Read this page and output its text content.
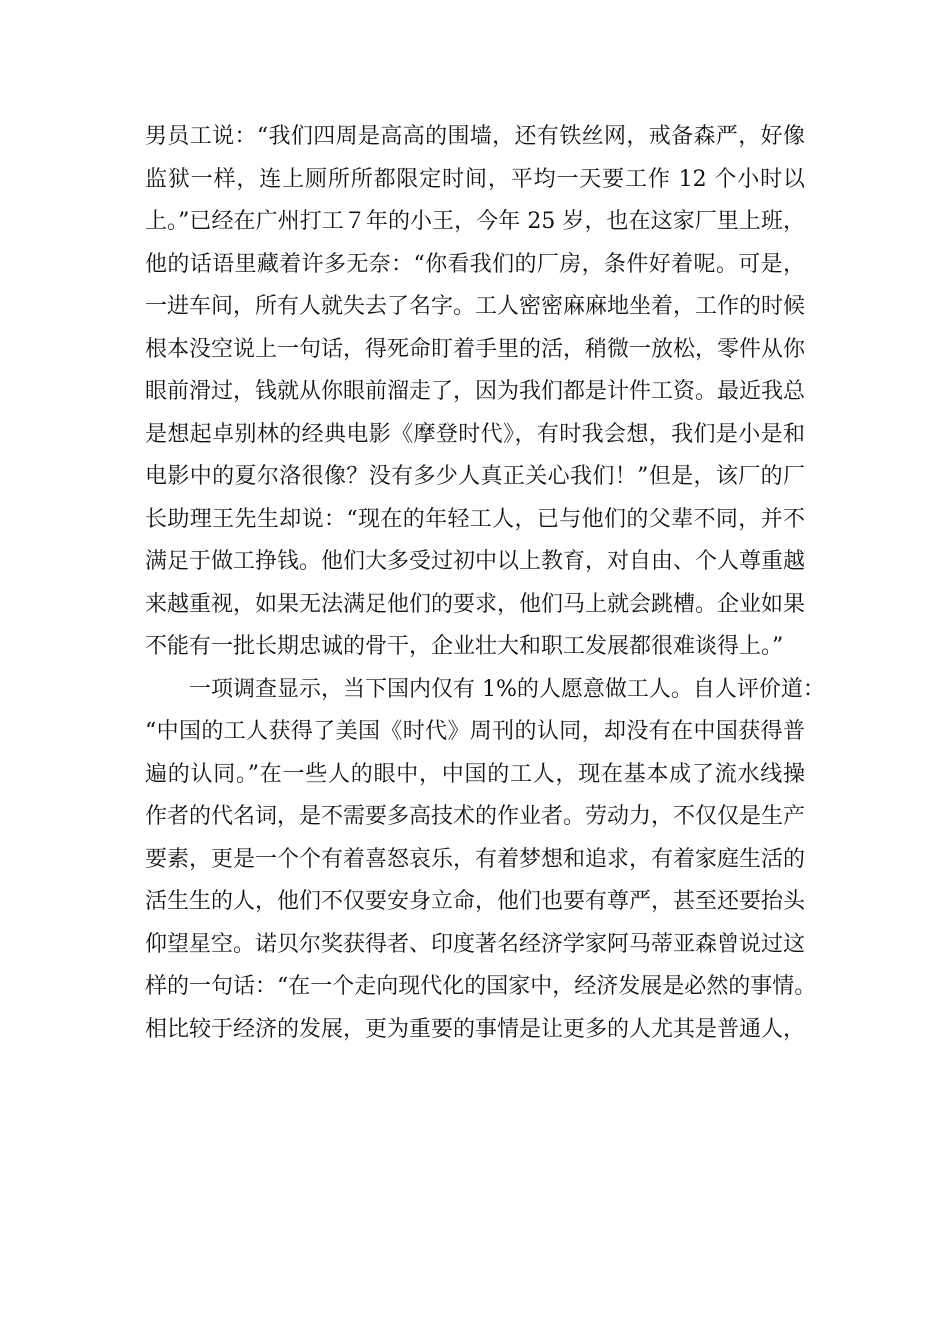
男员工说：“我们四周是高高的围墙，还有铁丝网，戒备森严，好像
监狱一样，连上厕所所都限定时间，平均一天要工作 12 个小时以
上。”已经在广州打工７年的小王，今年 25 岁，也在这家厂里上班，
他的话语里藏着许多无奈：“你看我们的厂房，条件好着呢。可是，
一进车间，所有人就失去了名字。工人密密麻麻地坐着，工作的时候
根本没空说上一句话，得死命盯着手里的活，稍微一放松，零件从你
眼前滑过，钱就从你眼前溜走了，因为我们都是计件工资。最近我总
是想起卓别林的经典电影《摩登时代》，有时我会想，我们是小是和
电影中的夏尔洛很像？没有多少人真正关心我们！”但是，该厂的厂
长助理王先生却说：“现在的年轻工人，已与他们的父辈不同，并不
满足于做工挣钱。他们大多受过初中以上教育，对自由、个人尊重越
来越重视，如果无法满足他们的要求，他们马上就会跳槽。企业如果
不能有一批长期忠诚的骨干，企业壮大和职工发展都很难谈得上。”
一项调查显示，当下国内仅有 1%的人愿意做工人。自人评价道：
“中国的工人获得了美国《时代》周刊的认同，却没有在中国获得普
遍的认同。”在一些人的眼中，中国的工人，现在基本成了流水线操
作者的代名词，是不需要多高技术的作业者。劳动力，不仅仅是生产
要素，更是一个个有着喜怒哀乐，有着梦想和追求，有着家庭生活的
活生生的人，他们不仅要安身立命，他们也要有尊严，甚至还要抬头
仰望星空。诺贝尔奖获得者、印度著名经济学家阿马蒂亚森曾说过这
样的一句话：“在一个走向现代化的国家中，经济发展是必然的事情。
相比较于经济的发展，更为重要的事情是让更多的人尤其是普通人，
